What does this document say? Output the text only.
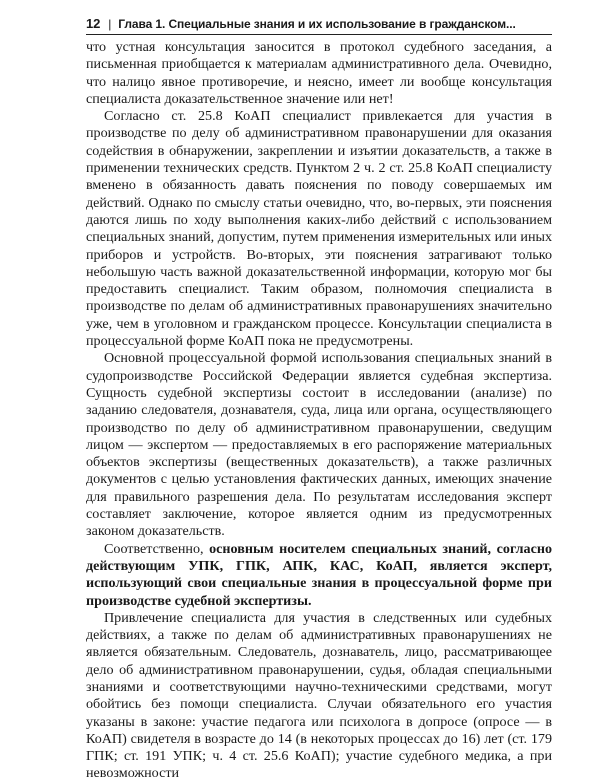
12 | Глава 1. Специальные знания и их использование в гражданском...

что устная консультация заносится в протокол судебного заседания, а письменная приобщается к материалам административного дела. Очевидно, что налицо явное противоречие, и неясно, имеет ли вообще консультация специалиста доказательственное значение или нет!

Согласно ст. 25.8 КоАП специалист привлекается для участия в производстве по делу об административном правонарушении для оказания содействия в обнаружении, закреплении и изъятии доказательств, а также в применении технических средств. Пунктом 2 ч. 2 ст. 25.8 КоАП специалисту вменено в обязанность давать пояснения по поводу совершаемых им действий. Однако по смыслу статьи очевидно, что, во-первых, эти пояснения даются лишь по ходу выполнения каких-либо действий с использованием специальных знаний, допустим, путем применения измерительных или иных приборов и устройств. Во-вторых, эти пояснения затрагивают только небольшую часть важной доказательственной информации, которую мог бы предоставить специалист. Таким образом, полномочия специалиста в производстве по делам об административных правонарушениях значительно уже, чем в уголовном и гражданском процессе. Консультации специалиста в процессуальной форме КоАП пока не предусмотрены.

Основной процессуальной формой использования специальных знаний в судопроизводстве Российской Федерации является судебная экспертиза. Сущность судебной экспертизы состоит в исследовании (анализе) по заданию следователя, дознавателя, суда, лица или органа, осуществляющего производство по делу об административном правонарушении, сведущим лицом — экспертом — предоставляемых в его распоряжение материальных объектов экспертизы (вещественных доказательств), а также различных документов с целью установления фактических данных, имеющих значение для правильного разрешения дела. По результатам исследования эксперт составляет заключение, которое является одним из предусмотренных законом доказательств.

Соответственно, основным носителем специальных знаний, согласно действующим УПК, ГПК, АПК, КАС, КоАП, является эксперт, использующий свои специальные знания в процессуальной форме при производстве судебной экспертизы.

Привлечение специалиста для участия в следственных или судебных действиях, а также по делам об административных правонарушениях не является обязательным. Следователь, дознаватель, лицо, рассматривающее дело об административном правонарушении, судья, обладая специальными знаниями и соответствующими научно-техническими средствами, могут обойтись без помощи специалиста. Случаи обязательного его участия указаны в законе: участие педагога или психолога в допросе (опросе — в КоАП) свидетеля в возрасте до 14 (в некоторых процессах до 16) лет (ст. 179 ГПК; ст. 191 УПК; ч. 4 ст. 25.6 КоАП); участие судебного медика, а при невозможности
